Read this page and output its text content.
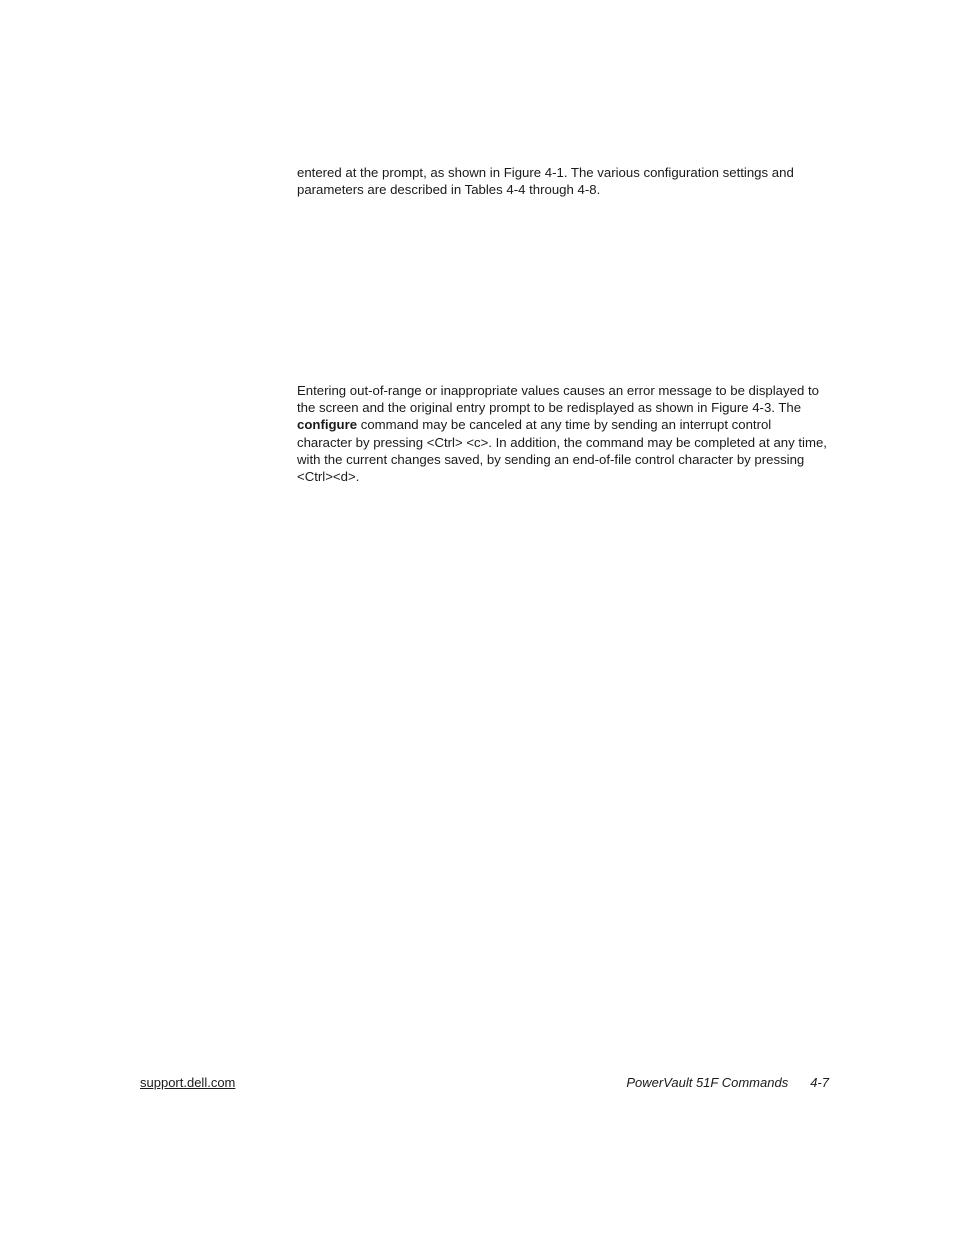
entered at the prompt, as shown in Figure 4-1. The various configuration settings and parameters are described in Tables 4-4 through 4-8.

Entering out-of-range or inappropriate values causes an error message to be displayed to the screen and the original entry prompt to be redisplayed as shown in Figure 4-3. The configure command may be canceled at any time by sending an interrupt control character by pressing <Ctrl> <c>. In addition, the command may be completed at any time, with the current changes saved, by sending an end-of-file control character by pressing <Ctrl><d>.

support.dell.com	PowerVault 51F Commands 4-7
